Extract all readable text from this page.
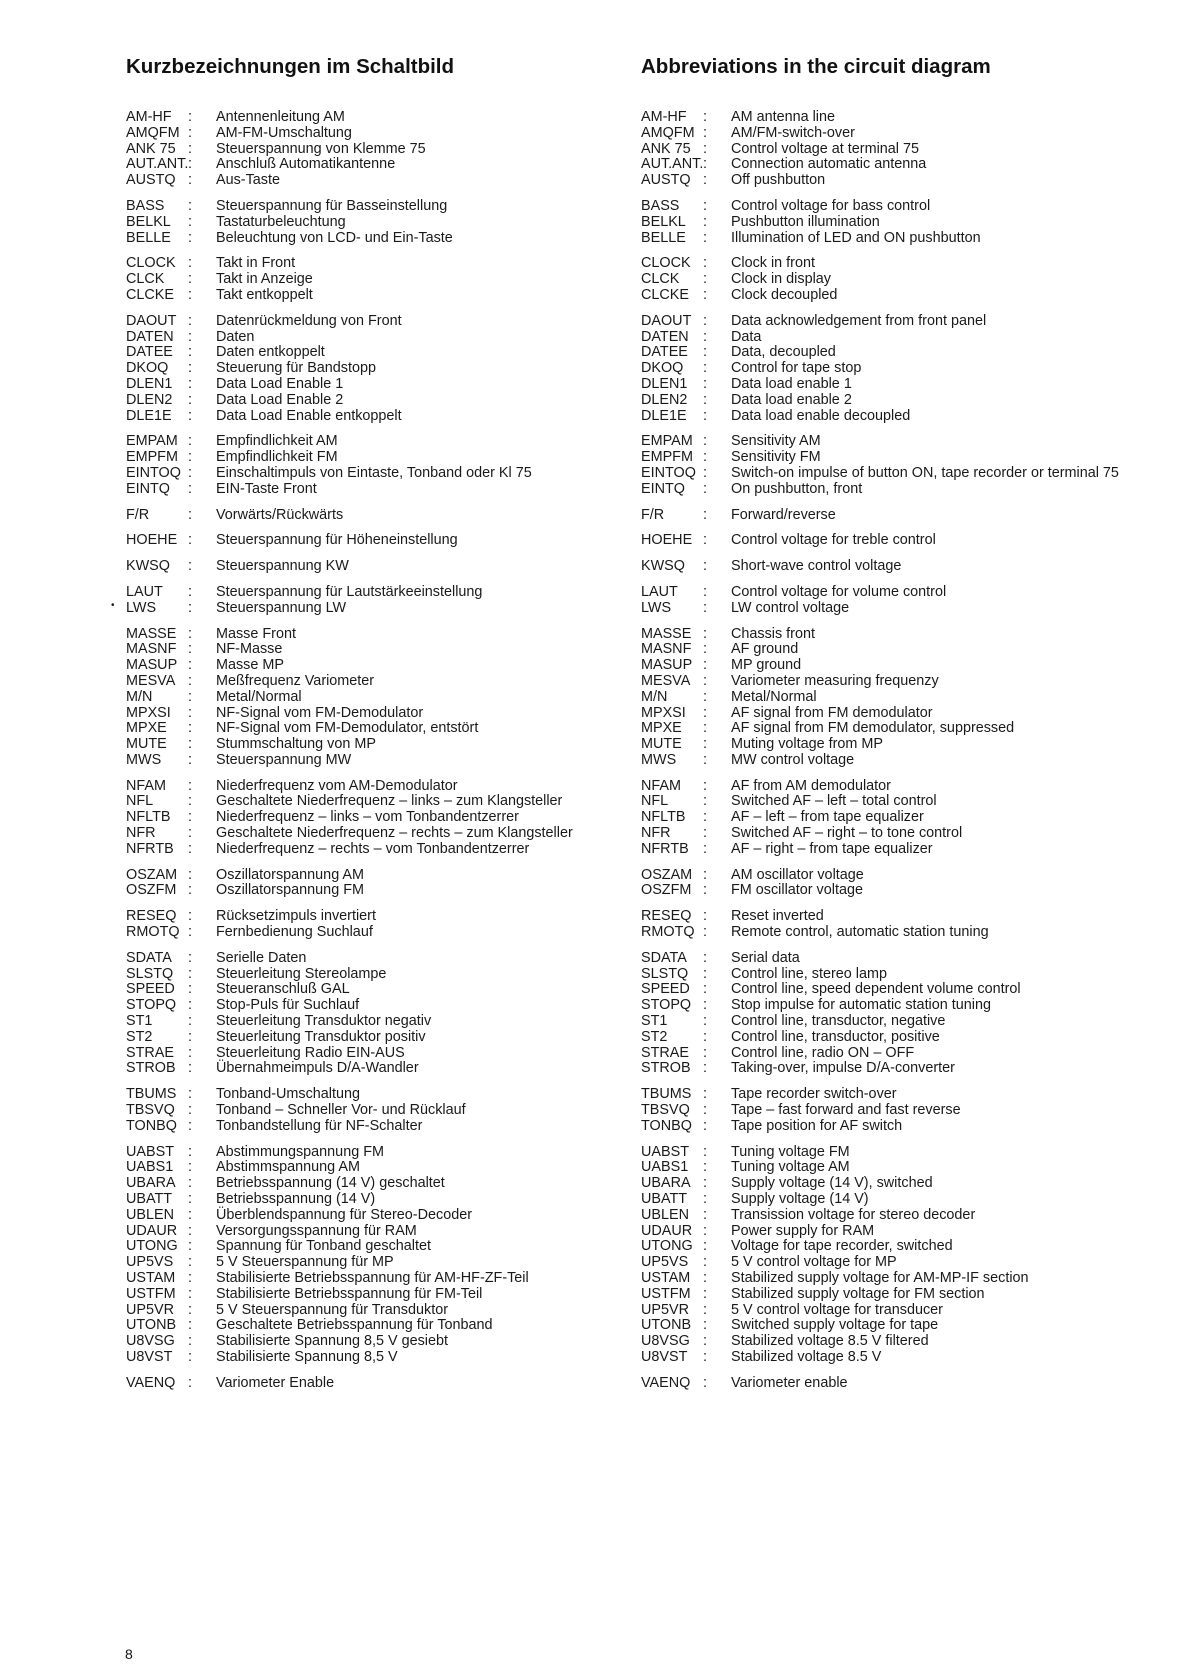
Kurzbezeichnungen im Schaltbild
AM-HF	:	Antennenleitung AM
AMQFM :	AM-FM-Umschaltung
ANK 75 :	Steuerspannung von Klemme 75
AUT.ANT. :	Anschluß Automatikantenne
AUSTQ :	Aus-Taste
BASS	:	Steuerspannung für Basseinstellung
BELKL	:	Tastaturbeleuchtung
BELLE	:	Beleuchtung von LCD- und Ein-Taste
CLOCK :	Takt in Front
CLCK	:	Takt in Anzeige
CLCKE :	Takt entkoppelt
DAOUT :	Datenrückmeldung von Front
DATEN :	Daten
DATEE	:	Daten entkoppelt
DKOQ	:	Steuerung für Bandstopp
DLEN1	:	Data Load Enable 1
DLEN2	:	Data Load Enable 2
DLE1E	:	Data Load Enable entkoppelt
EMPAM :	Empfindlichkeit AM
EMPFM :	Empfindlichkeit FM
EINTOQ :	Einschaltimpuls von Eintaste, Tonband oder Kl 75
EINTQ	:	EIN-Taste Front
F/R	:	Vorwärts/Rückwärts
HOEHE :	Steuerspannung für Höheneinstellung
KWSQ	:	Steuerspannung KW
LAUT	:	Steuerspannung für Lautstärkeeinstellung
LWS	:	Steuerspannung LW
MASSE :	Masse Front
MASNF :	NF-Masse
MASUP :	Masse MP
MESVA :	Meßfrequenz Variometer
M/N	:	Metal/Normal
MPXSI	:	NF-Signal vom FM-Demodulator
MPXE	:	NF-Signal vom FM-Demodulator, entstört
MUTE	:	Stummschaltung von MP
MWS	:	Steuerspannung MW
NFAM	:	Niederfrequenz vom AM-Demodulator
NFL	:	Geschaltete Niederfrequenz – links – zum Klangsteller
NFLTB	:	Niederfrequenz – links – vom Tonbandentzerrer
NFR	:	Geschaltete Niederfrequenz – rechts – zum Klangsteller
NFRTB :	Niederfrequenz – rechts – vom Tonbandentzerrer
OSZAM :	Oszillatorspannung AM
OSZFM :	Oszillatorspannung FM
RESEQ :	Rücksetzimpuls invertiert
RMOTQ :	Fernbedienung Suchlauf
SDATA	:	Serielle Daten
SLSTQ	:	Steuerleitung Stereolampe
SPEED :	Steueranschluß GAL
STOPQ :	Stop-Puls für Suchlauf
ST1	:	Steuerleitung Transduktor negativ
ST2	:	Steuerleitung Transduktor positiv
STRAE :	Steuerleitung Radio EIN-AUS
STROB :	Übernahmeimpuls D/A-Wandler
TBUMS :	Tonband-Umschaltung
TBSVQ :	Tonband – Schneller Vor- und Rücklauf
TONBQ :	Tonbandstellung für NF-Schalter
UABST :	Abstimmungspannung FM
UABS1	:	Abstimmspannung AM
UBARA :	Betriebsspannung (14 V) geschaltet
UBATT	:	Betriebsspannung (14 V)
UBLEN :	Überblendspannung für Stereo-Decoder
UDAUR :	Versorgungsspannung für RAM
UTONG :	Spannung für Tonband geschaltet
UP5VS	:	5 V Steuerspannung für MP
USTAM :	Stabilisierte Betriebsspannung für AM-HF-ZF-Teil
USTFM :	Stabilisierte Betriebsspannung für FM-Teil
UP5VR :	5 V Steuerspannung für Transduktor
UTONB :	Geschaltete Betriebsspannung für Tonband
U8VSG :	Stabilisierte Spannung 8,5 V gesiebt
U8VST	:	Stabilisierte Spannung 8,5 V
VAENQ :	Variometer Enable
Abbreviations in the circuit diagram
AM-HF	:	AM antenna line
AMQFM :	AM/FM-switch-over
ANK 75 :	Control voltage at terminal 75
AUT.ANT. :	Connection automatic antenna
AUSTQ :	Off pushbutton
BASS	:	Control voltage for bass control
BELKL	:	Pushbutton illumination
BELLE	:	Illumination of LED and ON pushbutton
CLOCK :	Clock in front
CLCK	:	Clock in display
CLCKE :	Clock decoupled
DAOUT :	Data acknowledgement from front panel
DATEN :	Data
DATEE	:	Data, decoupled
DKOQ	:	Control for tape stop
DLEN1	:	Data load enable 1
DLEN2	:	Data load enable 2
DLE1E	:	Data load enable decoupled
EMPAM :	Sensitivity AM
EMPFM :	Sensitivity FM
EINTOQ :	Switch-on impulse of button ON, tape recorder or terminal 75
EINTQ	:	On pushbutton, front
F/R	:	Forward/reverse
HOEHE :	Control voltage for treble control
KWSQ	:	Short-wave control voltage
LAUT	:	Control voltage for volume control
LWS	:	LW control voltage
MASSE :	Chassis front
MASNF :	AF ground
MASUP :	MP ground
MESVA :	Variometer measuring frequenzy
M/N	:	Metal/Normal
MPXSI	:	AF signal from FM demodulator
MPXE	:	AF signal from FM demodulator, suppressed
MUTE	:	Muting voltage from MP
MWS	:	MW control voltage
NFAM	:	AF from AM demodulator
NFL	:	Switched AF – left – total control
NFLTB	:	AF – left – from tape equalizer
NFR	:	Switched AF – right – to tone control
NFRTB :	AF – right – from tape equalizer
OSZAM :	AM oscillator voltage
OSZFM :	FM oscillator voltage
RESEQ :	Reset inverted
RMOTQ :	Remote control, automatic station tuning
SDATA	:	Serial data
SLSTQ	:	Control line, stereo lamp
SPEED :	Control line, speed dependent volume control
STOPQ :	Stop impulse for automatic station tuning
ST1	:	Control line, transductor, negative
ST2	:	Control line, transductor, positive
STRAE :	Control line, radio ON – OFF
STROB :	Taking-over, impulse D/A-converter
TBUMS :	Tape recorder switch-over
TBSVQ :	Tape – fast forward and fast reverse
TONBQ :	Tape position for AF switch
UABST :	Tuning voltage FM
UABS1	:	Tuning voltage AM
UBARA :	Supply voltage (14 V), switched
UBATT	:	Supply voltage (14 V)
UBLEN :	Transission voltage for stereo decoder
UDAUR :	Power supply for RAM
UTONG :	Voltage for tape recorder, switched
UP5VS	:	5 V control voltage for MP
USTAM :	Stabilized supply voltage for AM-MP-IF section
USTFM :	Stabilized supply voltage for FM section
UP5VR :	5 V control voltage for transducer
UTONB :	Switched supply voltage for tape
U8VSG :	Stabilized voltage 8.5 V filtered
U8VST	:	Stabilized voltage 8.5 V
VAENQ :	Variometer enable
•
8
